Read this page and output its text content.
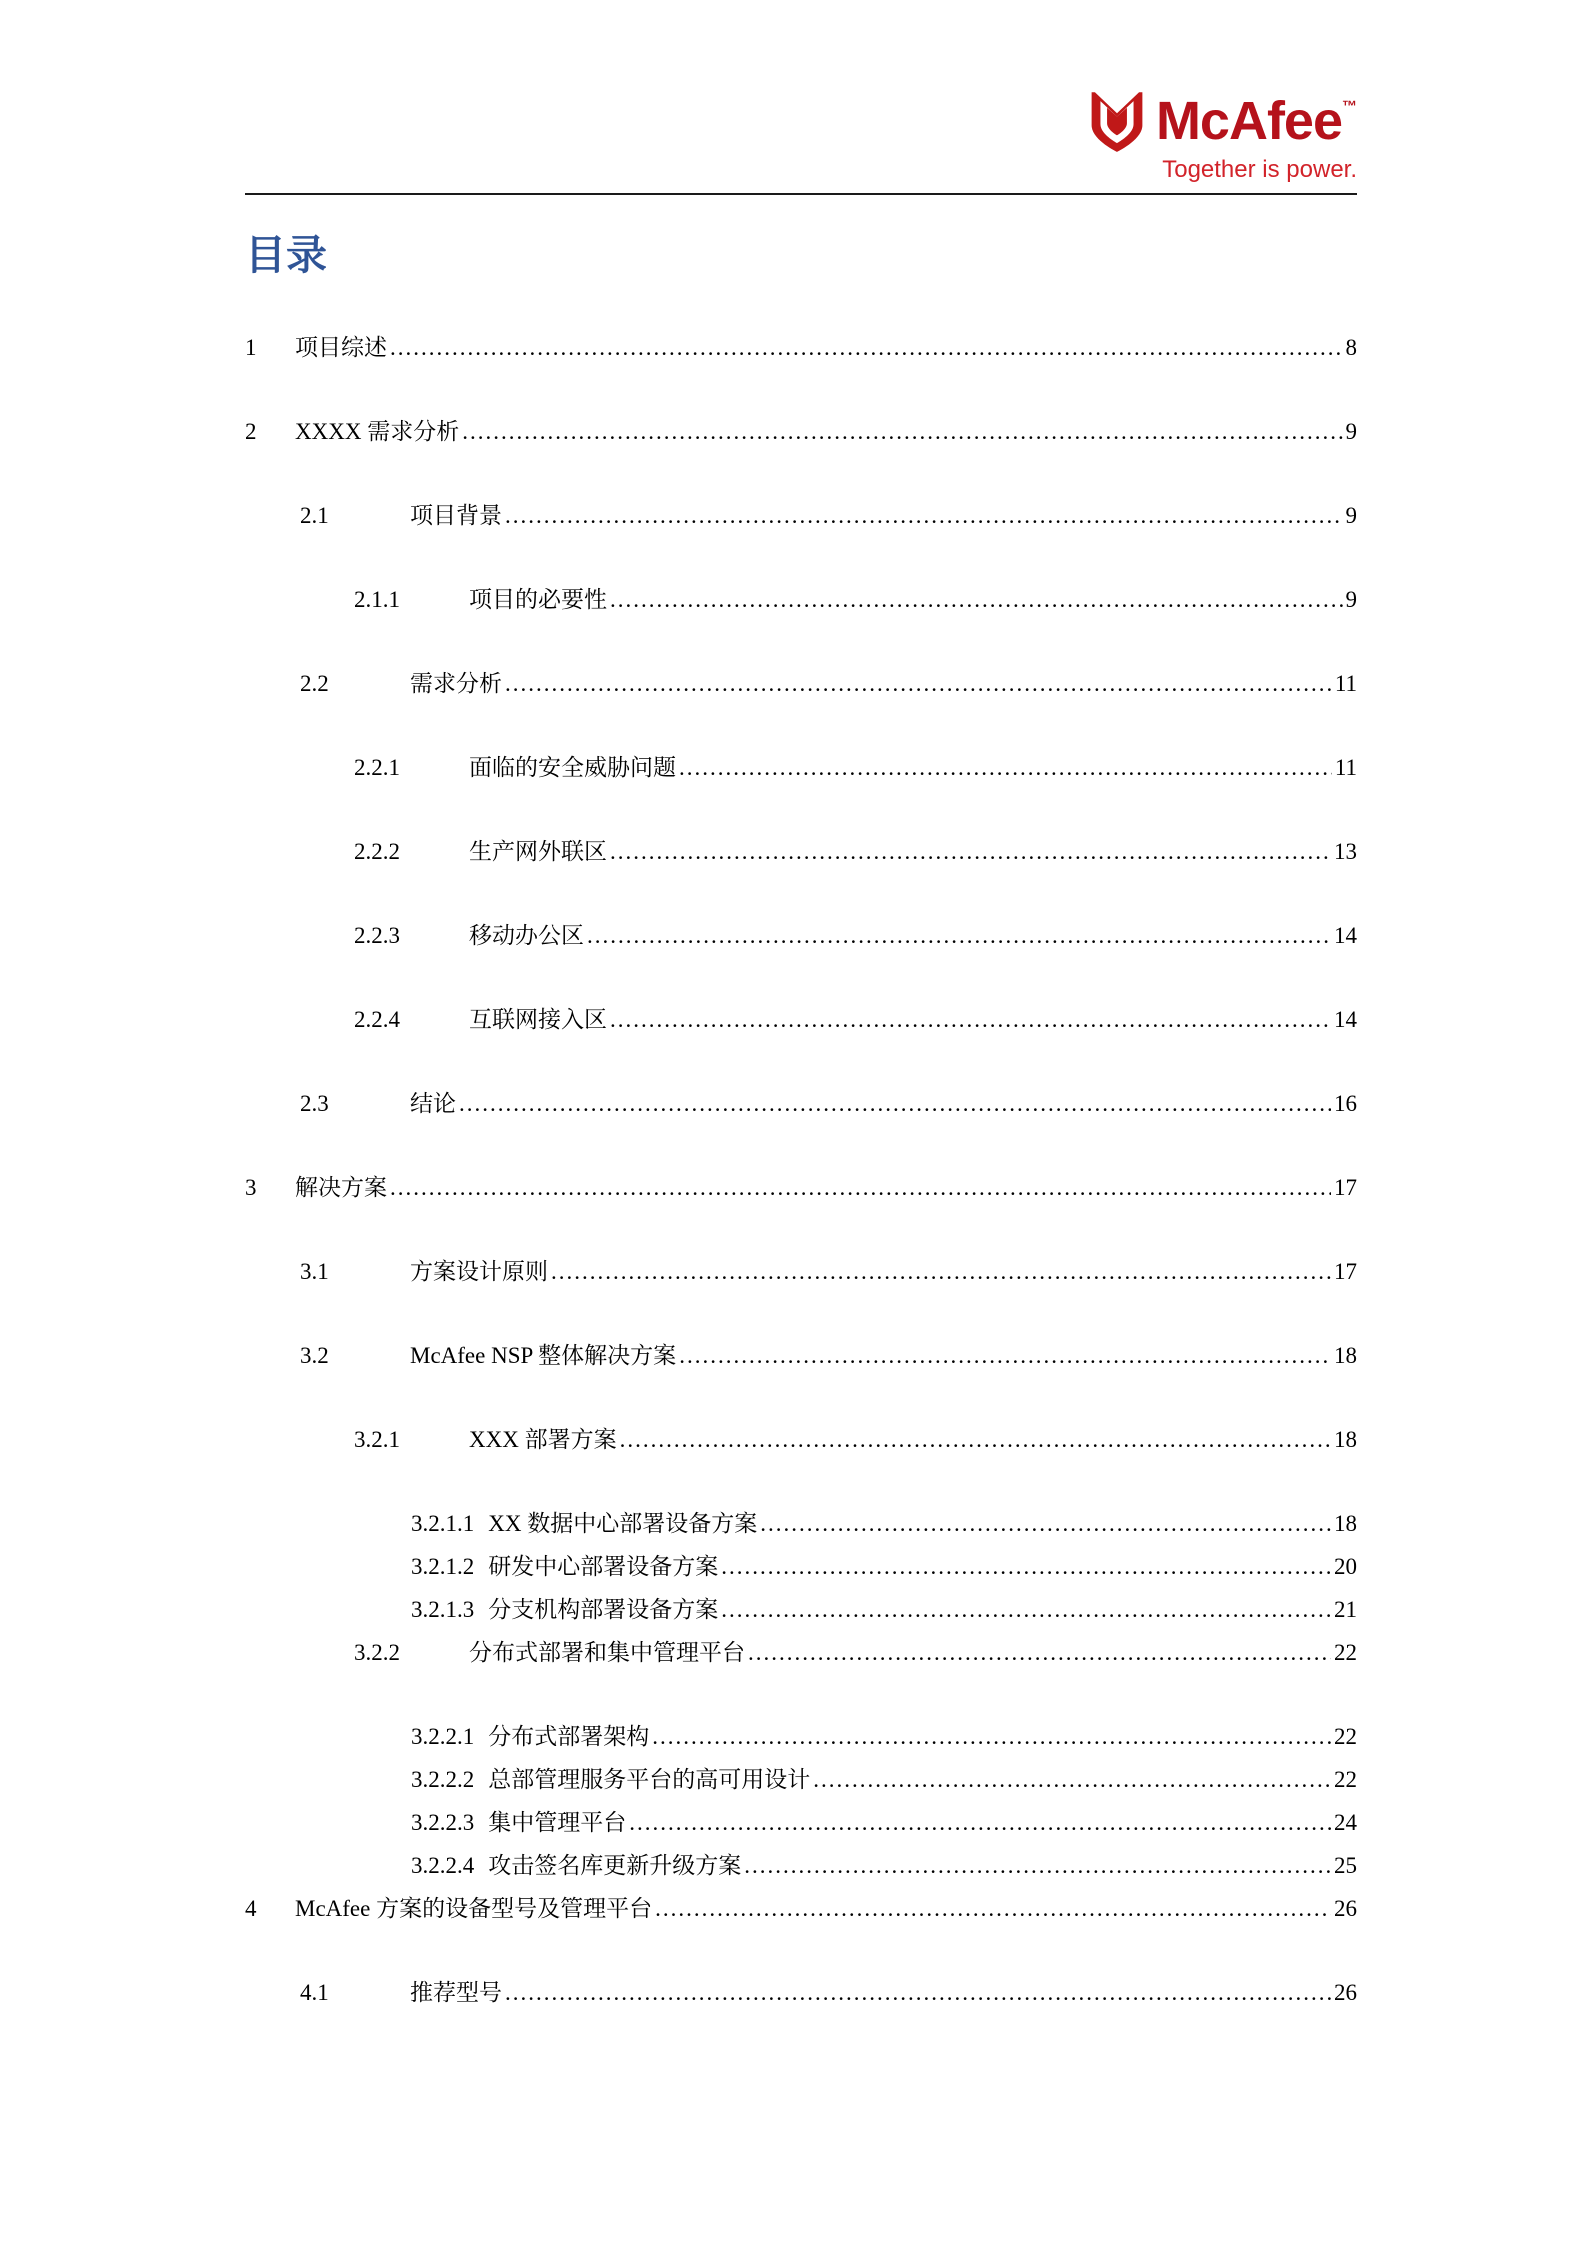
McAfee™
Together is power.
目录
1	项目综述 .....	8
2	XXXX 需求分析 .....	9
2.1	项目背景 .....	9
2.1.1	项目的必要性 .....	9
2.2	需求分析 .....	11
2.2.1	面临的安全威胁问题 .....	11
2.2.2	生产网外联区 .....	13
2.2.3	移动办公区 .....	14
2.2.4	互联网接入区 .....	14
2.3	结论 .....	16
3	解决方案 .....	17
3.1	方案设计原则 .....	17
3.2	McAfee NSP 整体解决方案 .....	18
3.2.1	XXX 部署方案 .....	18
3.2.1.1 XX 数据中心部署设备方案 .....	18
3.2.1.2 研发中心部署设备方案 .....	20
3.2.1.3 分支机构部署设备方案 .....	21
3.2.2	分布式部署和集中管理平台 .....	22
3.2.2.1 分布式部署架构 .....	22
3.2.2.2 总部管理服务平台的高可用设计 .....	22
3.2.2.3 集中管理平台 .....	24
3.2.2.4 攻击签名库更新升级方案 .....	25
4	McAfee 方案的设备型号及管理平台 .....	26
4.1	推荐型号 .....	26
